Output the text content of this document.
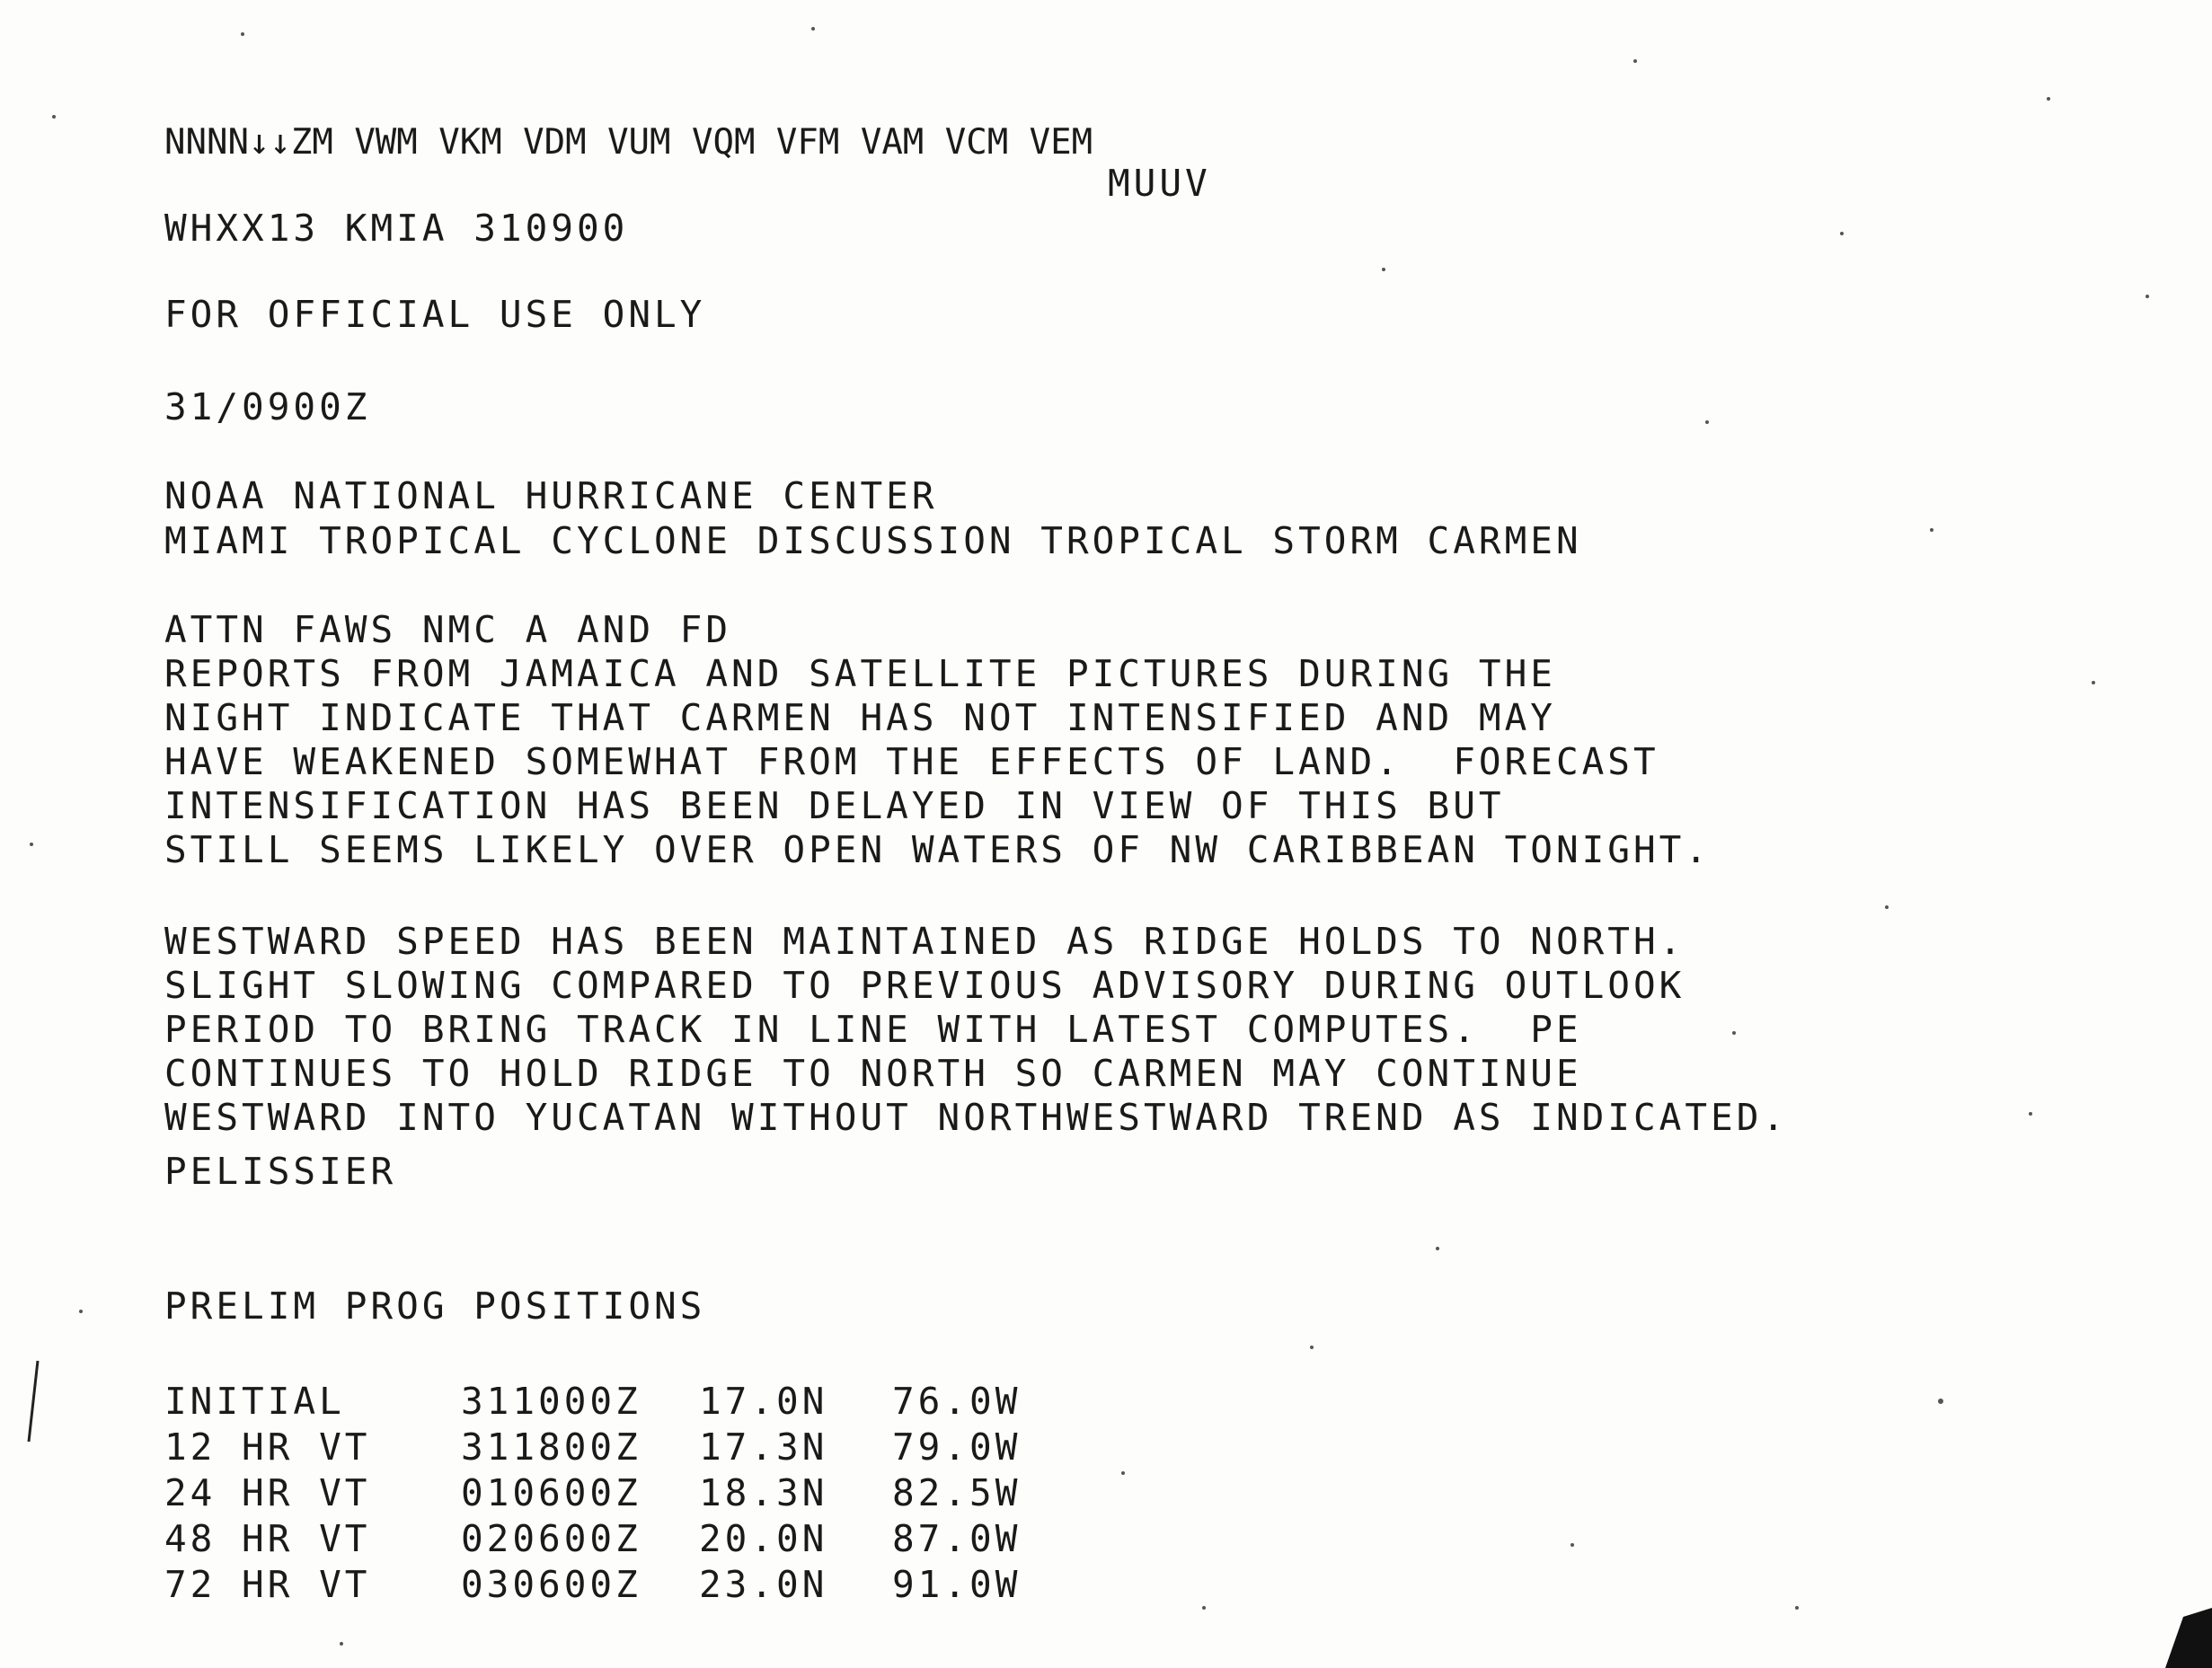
NNNN↓↓ZM VWM VKM VDM VUM VQM VFM VAM VCM VEM
MUUV
WHXX13 KMIA 310900
FOR OFFICIAL USE ONLY
31/0900Z
NOAA NATIONAL HURRICANE CENTER
MIAMI TROPICAL CYCLONE DISCUSSION TROPICAL STORM CARMEN
ATTN FAWS NMC A AND FD
REPORTS FROM JAMAICA AND SATELLITE PICTURES DURING THE
NIGHT INDICATE THAT CARMEN HAS NOT INTENSIFIED AND MAY
HAVE WEAKENED SOMEWHAT FROM THE EFFECTS OF LAND.  FORECAST
INTENSIFICATION HAS BEEN DELAYED IN VIEW OF THIS BUT
STILL SEEMS LIKELY OVER OPEN WATERS OF NW CARIBBEAN TONIGHT.
WESTWARD SPEED HAS BEEN MAINTAINED AS RIDGE HOLDS TO NORTH.
SLIGHT SLOWING COMPARED TO PREVIOUS ADVISORY DURING OUTLOOK
PERIOD TO BRING TRACK IN LINE WITH LATEST COMPUTES.  PE
CONTINUES TO HOLD RIDGE TO NORTH SO CARMEN MAY CONTINUE
WESTWARD INTO YUCATAN WITHOUT NORTHWESTWARD TREND AS INDICATED.
PELISSIER
PRELIM PROG POSITIONS
INITIAL	311000Z	17.0N	76.0W
12 HR VT	311800Z	17.3N	79.0W
24 HR VT	010600Z	18.3N	82.5W
48 HR VT	020600Z	20.0N	87.0W
72 HR VT	030600Z	23.0N	91.0W
